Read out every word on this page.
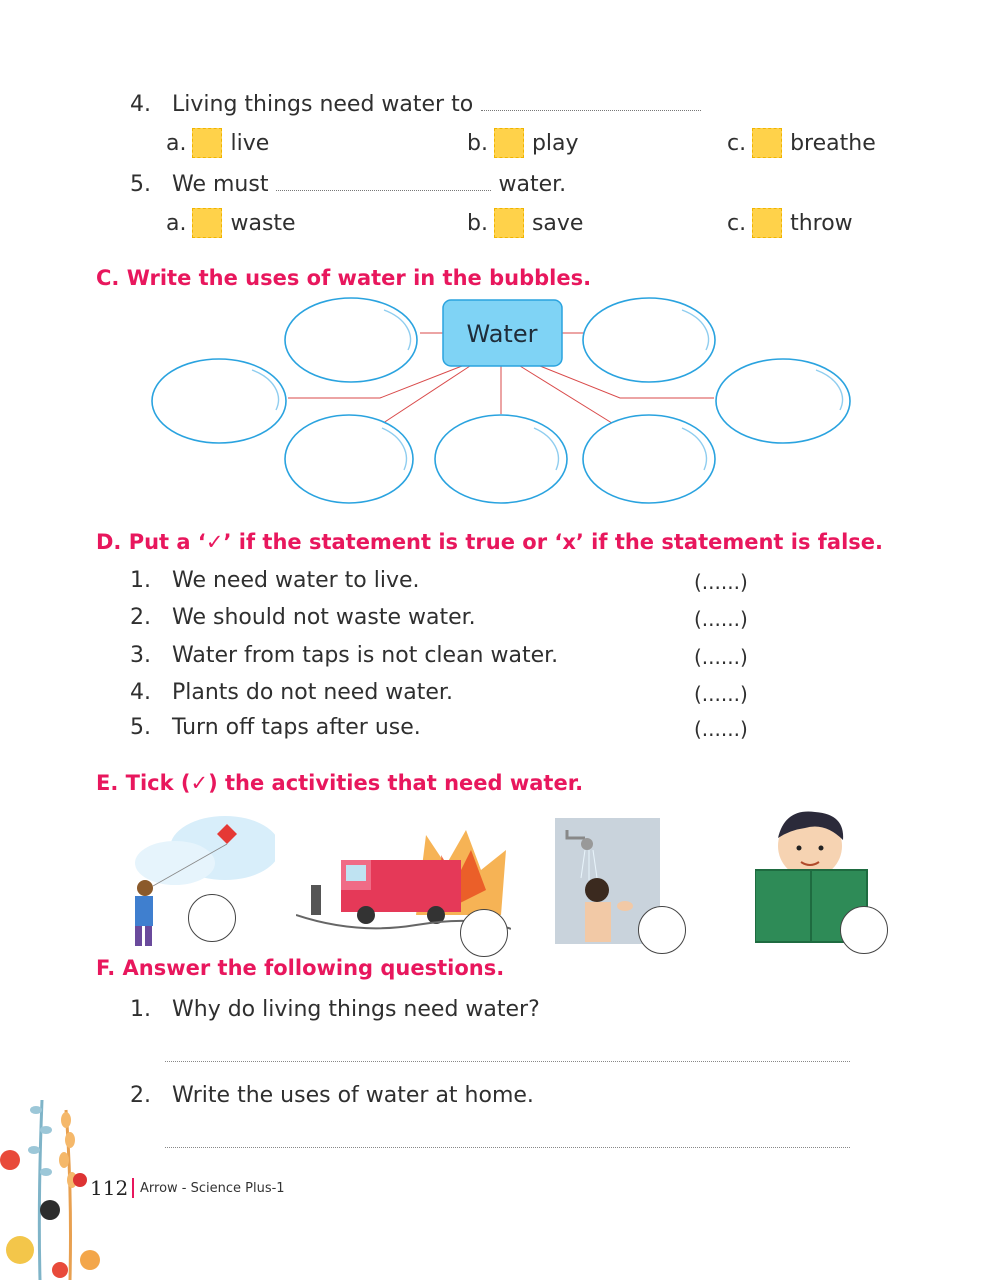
4. Living things need water to
a. live	b. play	c. breathe
5. We must	water.
a. waste	b. save	c. throw
C. Write the uses of water in the bubbles.
Water
D. Put a ‘✓’ if the statement is true or ‘x’ if the statement is false.
1. We need water to live.	(......)
2. We should not waste water.	(......)
3. Water from taps is not clean water.	(......)
4. Plants do not need water.	(......)
5. Turn off taps after use.	(......)
E. Tick (✓) the activities that need water.
F. Answer the following questions.
1. Why do living things need water?
2. Write the uses of water at home.
112 Arrow - Science Plus-1
